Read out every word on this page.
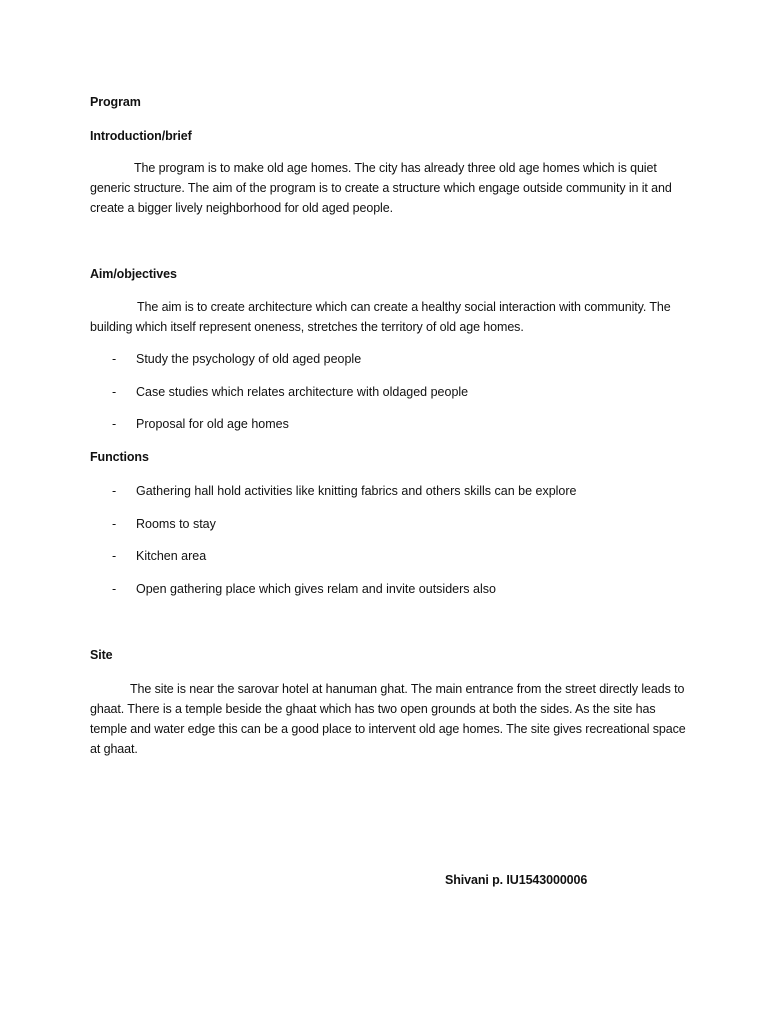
Program
Introduction/brief
The program is to make old age homes. The city has already three old age homes which is quiet generic structure. The aim of the program is to create a structure which engage outside community in it and create a bigger lively neighborhood for old aged people.
Aim/objectives
The aim is to create architecture which can create a healthy social interaction with community. The building which itself represent oneness, stretches the territory of old age homes.
- Study the psychology of old aged people
- Case studies which relates architecture with oldaged people
- Proposal for old age homes
Functions
- Gathering hall hold activities like knitting fabrics and others skills can be explore
- Rooms to stay
- Kitchen area
- Open gathering place which gives relam and invite outsiders also
Site
The site is near the sarovar hotel at hanuman ghat. The main entrance from the street directly leads to ghaat. There is a temple beside the ghaat which has two open grounds at both the sides. As the site has temple and water edge this can be a good place to intervent old age homes. The site gives recreational space at ghaat.
Shivani p. IU1543000006
